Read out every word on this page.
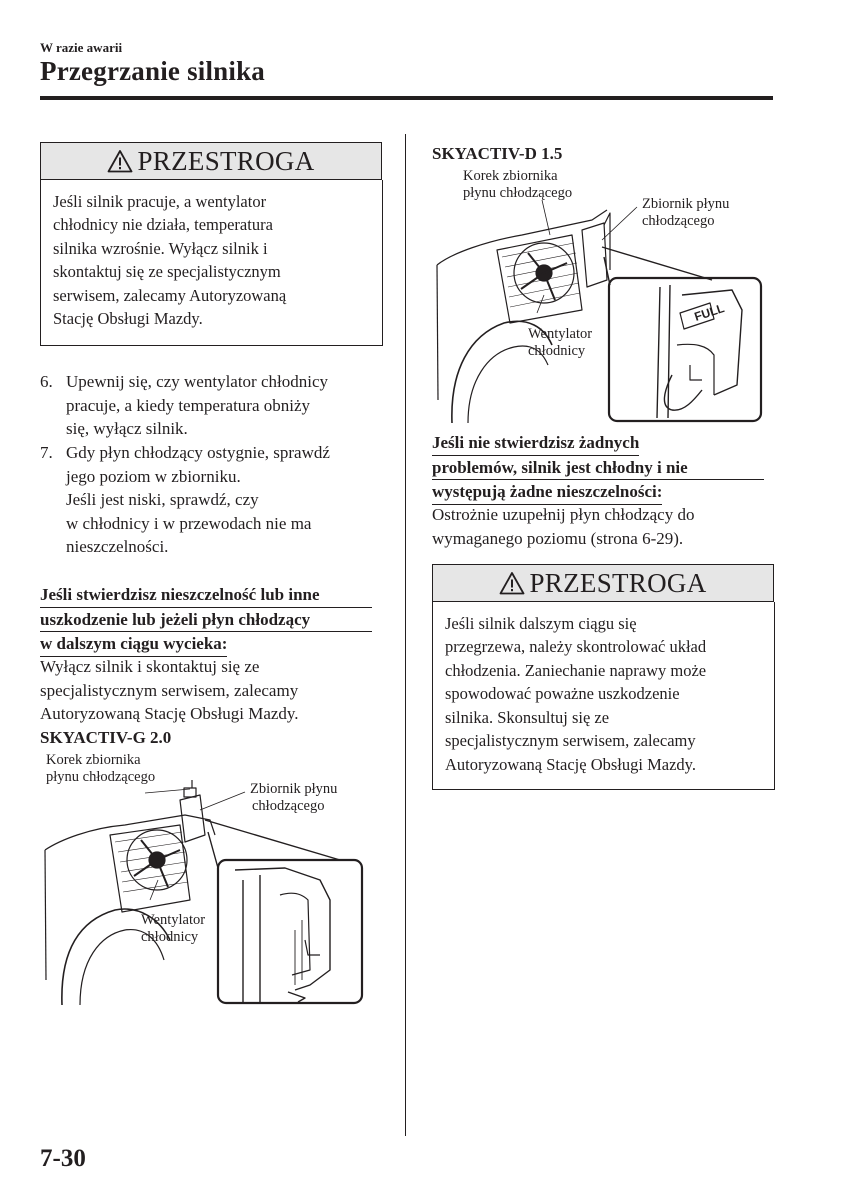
W razie awarii
Przegrzanie silnika
PRZESTROGA
Jeśli silnik pracuje, a wentylator
chłodnicy nie działa, temperatura
silnika wzrośnie. Wyłącz silnik i
skontaktuj się ze specjalistycznym
serwisem, zalecamy Autoryzowaną
Stację Obsługi Mazdy.
6. Upewnij się, czy wentylator chłodnicy
pracuje, a kiedy temperatura obniży
się, wyłącz silnik.
7. Gdy płyn chłodzący ostygnie, sprawdź
jego poziom w zbiorniku.
Jeśli jest niski, sprawdź, czy
w chłodnicy i w przewodach nie ma
nieszczelności.
Jeśli stwierdzisz nieszczelność lub inne
uszkodzenie lub jeżeli płyn chłodzący
w dalszym ciągu wycieka:
Wyłącz silnik i skontaktuj się ze
specjalistycznym serwisem, zalecamy
Autoryzowaną Stację Obsługi Mazdy.
SKYACTIV-G 2.0
Korek zbiornika
płynu chłodzącego
Zbiornik płynu
chłodzącego
Wentylator
chłodnicy
SKYACTIV-D 1.5
Korek zbiornika
płynu chłodzącego
Zbiornik płynu
chłodzącego
Wentylator
chłodnicy
FULL
Jeśli nie stwierdzisz żadnych
problemów, silnik jest chłodny i nie
występują żadne nieszczelności:
Ostrożnie uzupełnij płyn chłodzący do
wymaganego poziomu (strona 6-29).
PRZESTROGA
Jeśli silnik dalszym ciągu się
przegrzewa, należy skontrolować układ
chłodzenia. Zaniechanie naprawy może
spowodować poważne uszkodzenie
silnika. Skonsultuj się ze
specjalistycznym serwisem, zalecamy
Autoryzowaną Stację Obsługi Mazdy.
7-30
